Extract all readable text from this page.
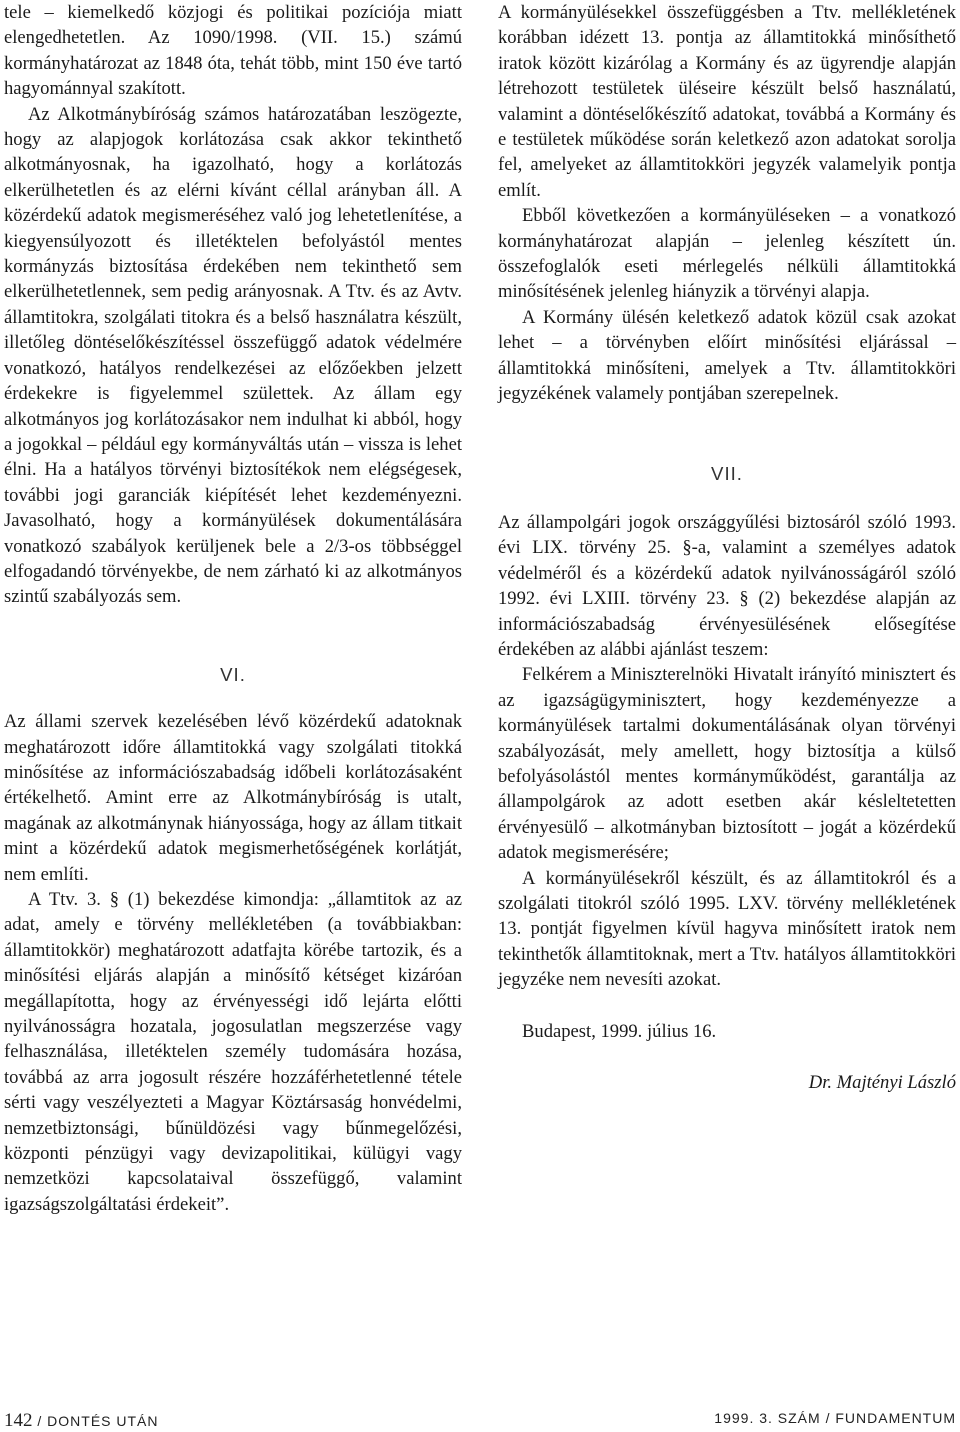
tele – kiemelkedő közjogi és politikai pozíciója miatt elengedhetetlen. Az 1090/1998. (VII. 15.) számú kormányhatározat az 1848 óta, tehát több, mint 150 éve tartó hagyománnyal szakított.

Az Alkotmánybíróság számos határozatában leszögezte, hogy az alapjogok korlátozása csak akkor tekinthető alkotmányosnak, ha igazolható, hogy a korlátozás elkerülhetetlen és az elérni kívánt céllal arányban áll. A közérdekű adatok megismeréséhez való jog lehetetlenítése, a kiegyensúlyozott és illetéktelen befolyástól mentes kormányzás biztosítása érdekében nem tekinthető sem elkerülhetetlennek, sem pedig arányosnak. A Ttv. és az Avtv. államtitokra, szolgálati titokra és a belső használatra készült, illetőleg döntéselőkészítéssel összefüggő adatok védelmére vonatkozó, hatályos rendelkezései az előzőekben jelzett érdekekre is figyelemmel születtek. Az állam egy alkotmányos jog korlátozásakor nem indulhat ki abból, hogy a jogokkal – például egy kormányváltás után – vissza is lehet élni. Ha a hatályos törvényi biztosítékok nem elégségesek, további jogi garanciák kiépítését lehet kezdeményezni. Javasolható, hogy a kormányülések dokumentálására vonatkozó szabályok kerüljenek bele a 2/3-os többséggel elfogadandó törvényekbe, de nem zárható ki az alkotmányos szintű szabályozás sem.

VI.

Az állami szervek kezelésében lévő közérdekű adatoknak meghatározott időre államtitokká vagy szolgálati titokká minősítése az információszabadság időbeli korlátozásaként értékelhető. Amint erre az Alkotmánybíróság is utalt, magának az alkotmánynak hiányossága, hogy az állam titkait mint a közérdekű adatok megismerhetőségének korlátját, nem említi.

A Ttv. 3. § (1) bekezdése kimondja: „államtitok az az adat, amely e törvény mellékletében (a továbbiakban: államtitokkör) meghatározott adatfajta körébe tartozik, és a minősítési eljárás alapján a minősítő kétséget kizáróan megállapította, hogy az érvényességi idő lejárta előtti nyilvánosságra hozatala, jogosulatlan megszerzése vagy felhasználása, illetéktelen személy tudomására hozása, továbbá az arra jogosult részére hozzáférhetetlenné tétele sérti vagy veszélyezteti a Magyar Köztársaság honvédelmi, nemzetbiztonsági, bűnüldözési vagy bűnmegelőzési, központi pénzügyi vagy devizapolitikai, külügyi vagy nemzetközi kapcsolataival összefüggő, valamint igazságszolgáltatási érdekeit”.

A kormányülésekkel összefüggésben a Ttv. mellékletének korábban idézett 13. pontja az államtitokká minősíthető iratok között kizárólag a Kormány és az ügyrendje alapján létrehozott testületek üléseire készült belső használatú, valamint a döntéselőkészítő adatokat, továbbá a Kormány és e testületek működése során keletkező azon adatokat sorolja fel, amelyeket az államtitokköri jegyzék valamelyik pontja említ.

Ebből következően a kormányüléseken – a vonatkozó kormányhatározat alapján – jelenleg készített ún. összefoglalók eseti mérlegelés nélküli államtitokká minősítésének jelenleg hiányzik a törvényi alapja.

A Kormány ülésén keletkező adatok közül csak azokat lehet – a törvényben előírt minősítési eljárással – államtitokká minősíteni, amelyek a Ttv. államtitokköri jegyzékének valamely pontjában szerepelnek.

VII.

Az állampolgári jogok országgyűlési biztosáról szóló 1993. évi LIX. törvény 25. §-a, valamint a személyes adatok védelméről és a közérdekű adatok nyilvánosságáról szóló 1992. évi LXIII. törvény 23. § (2) bekezdése alapján az információszabadság érvényesülésének elősegítése érdekében az alábbi ajánlást teszem:

Felkérem a Miniszterelnöki Hivatalt irányító minisztert és az igazságügyminisztert, hogy kezdeményezze a kormányülések tartalmi dokumentálásának olyan törvényi szabályozását, mely amellett, hogy biztosítja a külső befolyásolástól mentes kormányműködést, garantálja az állampolgárok az adott esetben akár késleltetetten érvényesülő – alkotmányban biztosított – jogát a közérdekű adatok megismerésére;

A kormányülésekről készült, és az államtitokról és a szolgálati titokról szóló 1995. LXV. törvény mellékletének 13. pontját figyelmen kívül hagyva minősített iratok nem tekinthetők államtitoknak, mert a Ttv. hatályos államtitokköri jegyzéke nem nevesíti azokat.

Budapest, 1999. július 16.

Dr. Majtényi László

142 / DONTÉS UTÁN	1999. 3. SZÁM / FUNDAMENTUM
